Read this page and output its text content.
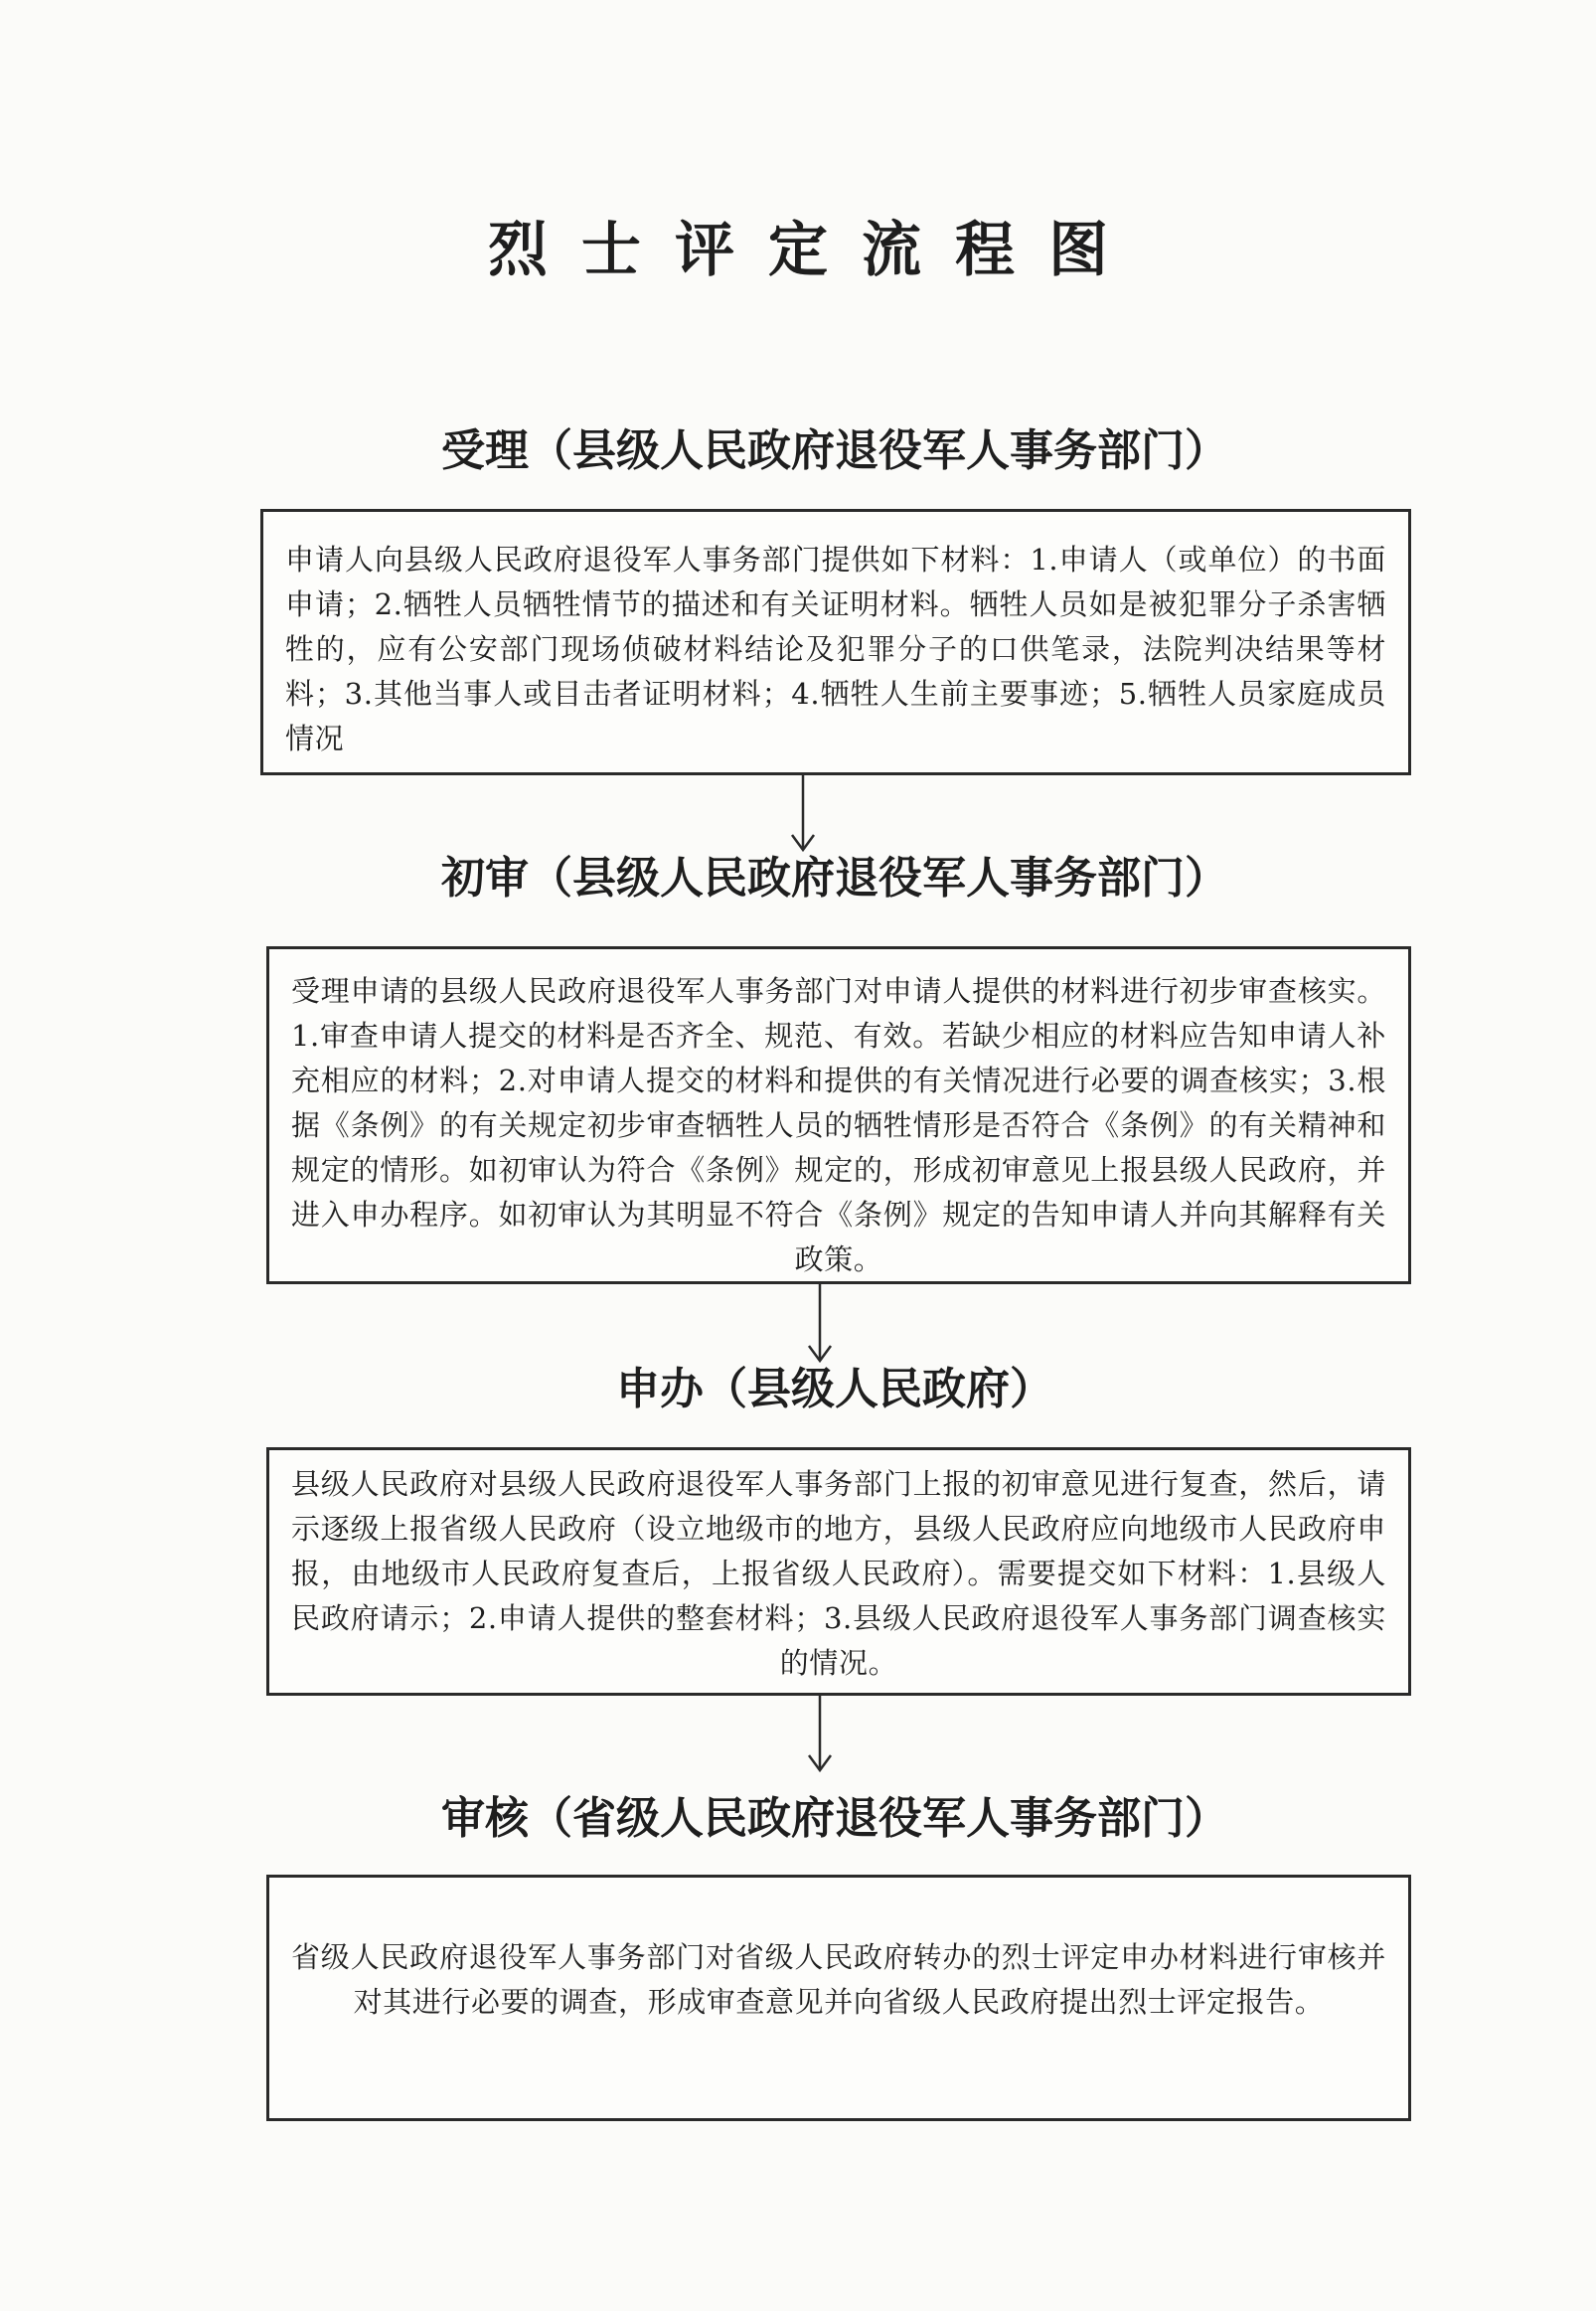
烈士评定流程图
受理（县级人民政府退役军人事务部门）
申请人向县级人民政府退役军人事务部门提供如下材料：1.申请人（或单位）的书面申请；2.牺牲人员牺牲情节的描述和有关证明材料。牺牲人员如是被犯罪分子杀害牺牲的，应有公安部门现场侦破材料结论及犯罪分子的口供笔录，法院判决结果等材料；3.其他当事人或目击者证明材料；4.牺牲人生前主要事迹；5.牺牲人员家庭成员情况
初审（县级人民政府退役军人事务部门）
受理申请的县级人民政府退役军人事务部门对申请人提供的材料进行初步审查核实。1.审查申请人提交的材料是否齐全、规范、有效。若缺少相应的材料应告知申请人补充相应的材料；2.对申请人提交的材料和提供的有关情况进行必要的调查核实；3.根据《条例》的有关规定初步审查牺牲人员的牺牲情形是否符合《条例》的有关精神和规定的情形。如初审认为符合《条例》规定的，形成初审意见上报县级人民政府，并进入申办程序。如初审认为其明显不符合《条例》规定的告知申请人并向其解释有关政策。
申办（县级人民政府）
县级人民政府对县级人民政府退役军人事务部门上报的初审意见进行复查，然后，请示逐级上报省级人民政府（设立地级市的地方，县级人民政府应向地级市人民政府申报，由地级市人民政府复查后，上报省级人民政府）。需要提交如下材料：1.县级人民政府请示；2.申请人提供的整套材料；3.县级人民政府退役军人事务部门调查核实的情况。
审核（省级人民政府退役军人事务部门）
省级人民政府退役军人事务部门对省级人民政府转办的烈士评定申办材料进行审核并对其进行必要的调查，形成审查意见并向省级人民政府提出烈士评定报告。
